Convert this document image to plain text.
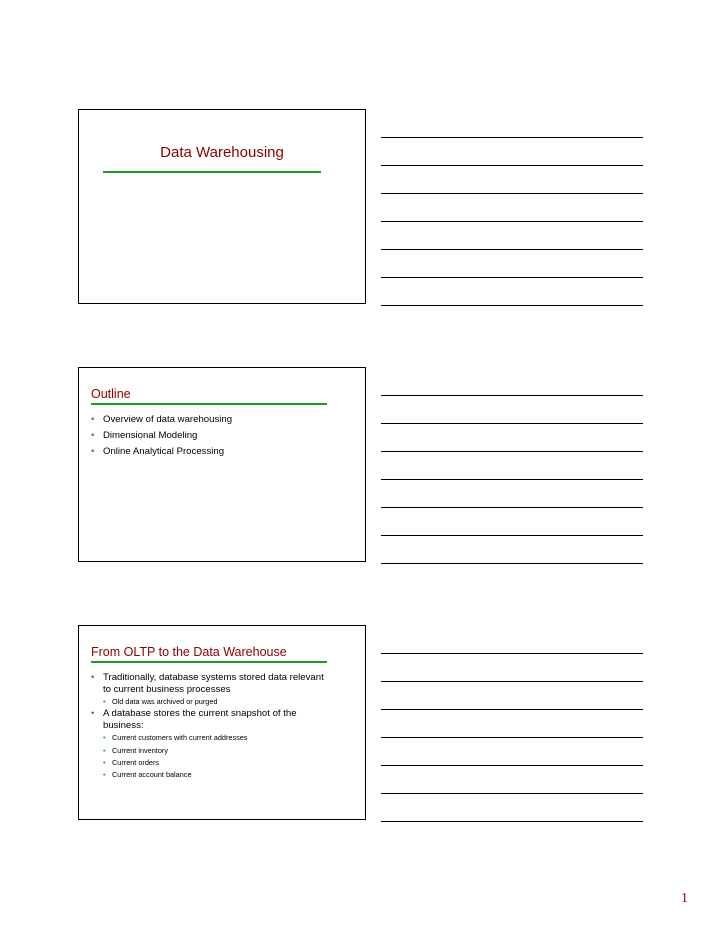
Data Warehousing
Outline
• Overview of data warehousing
• Dimensional Modeling
• Online Analytical Processing
From OLTP to the Data Warehouse
• Traditionally, database systems stored data relevant to current business processes
• Old data was archived or purged
• A database stores the current snapshot of the business:
• Current customers with current addresses
• Current inventory
• Current orders
• Current account balance
1
